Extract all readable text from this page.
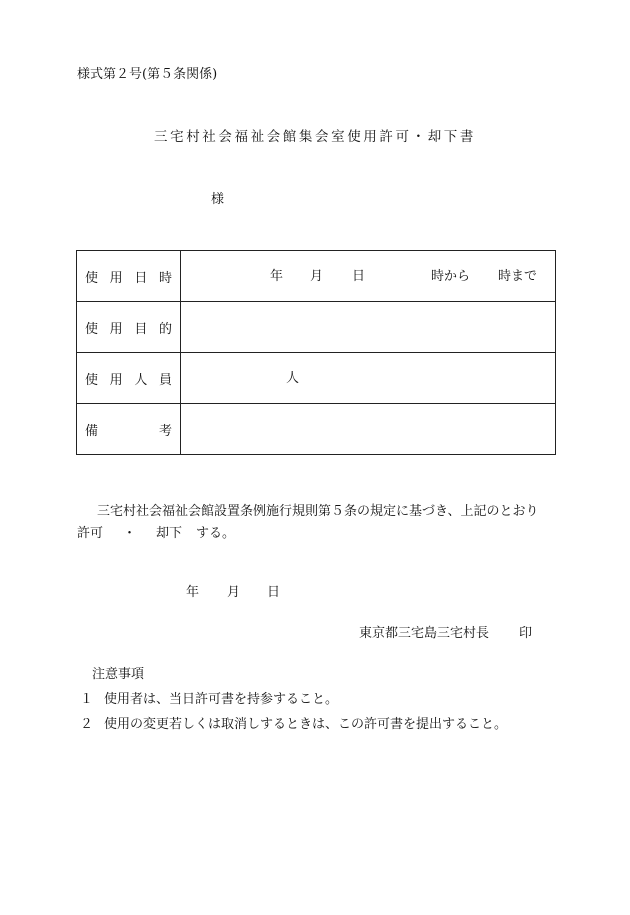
様式第２号(第５条関係)
三宅村社会福祉会館集会室使用許可・却下書
様
使 用 日 時	年 月 日 時から 時まで

使 用 目 的	

使 用 人 員	人

備 考	

三宅村社会福祉会館設置条例施行規則第５条の規定に基づき、上記のとおり
許可 ・ 却下 する。
年 月 日
東京都三宅島三宅村長 印
注意事項
１ 使用者は、当日許可書を持参すること。
２ 使用の変更若しくは取消しするときは、この許可書を提出すること。
